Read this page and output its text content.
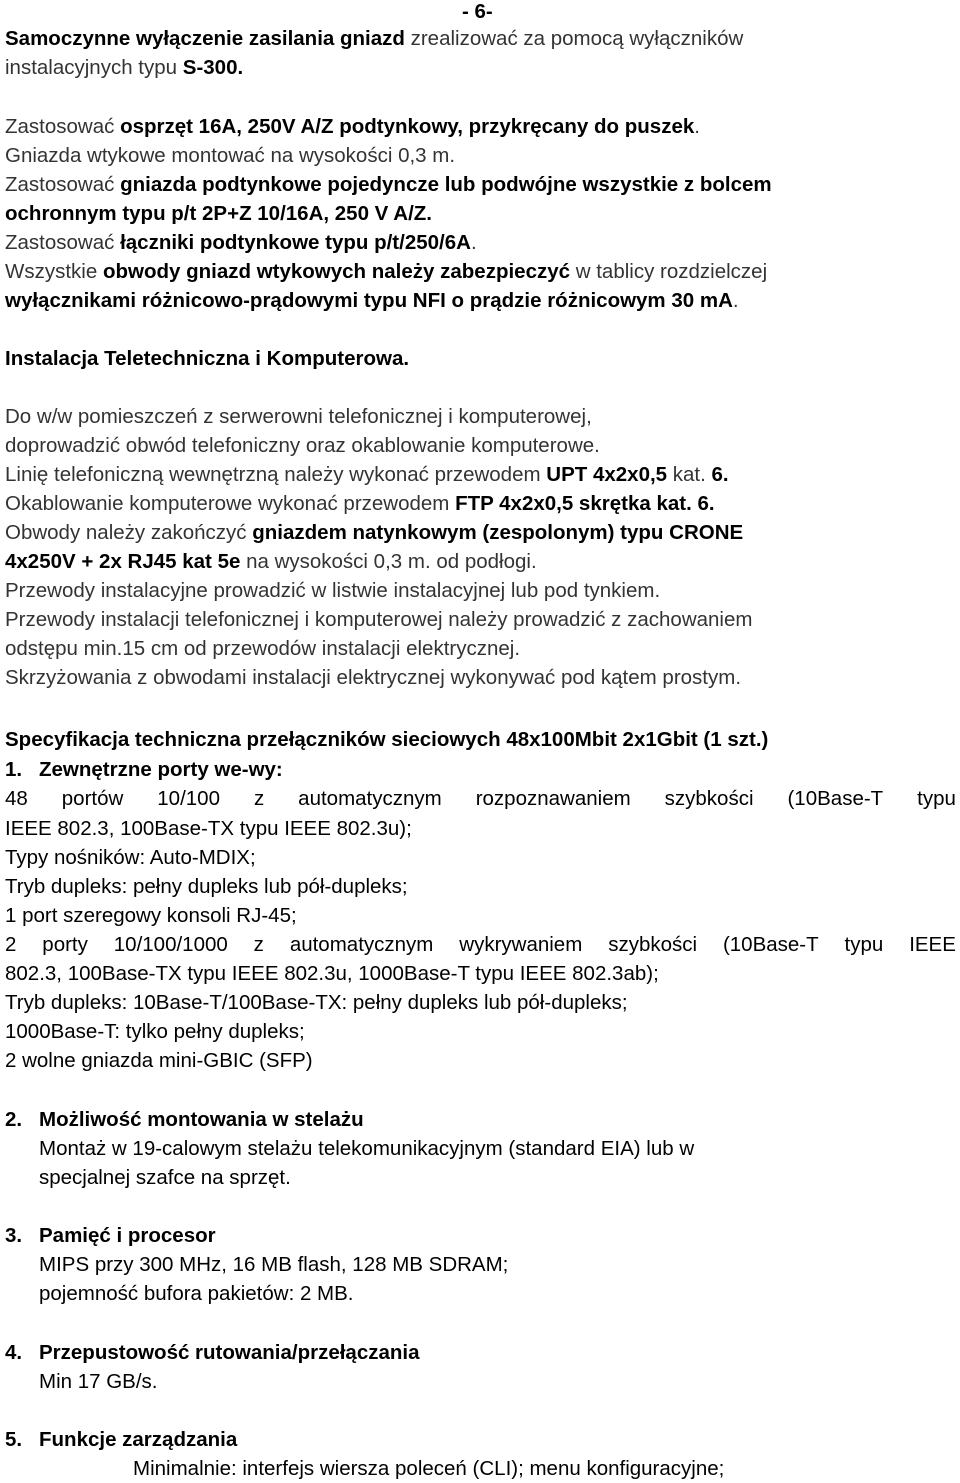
- 6-
Samoczynne wyłączenie zasilania gniazd zrealizować za pomocą wyłączników
instalacyjnych typu S-300.
Zastosować osprzęt 16A, 250V A/Z podtynkowy, przykręcany do puszek.
Gniazda wtykowe montować na wysokości 0,3 m.
Zastosować gniazda podtynkowe pojedyncze lub podwójne wszystkie z bolcem
ochronnym typu p/t 2P+Z 10/16A, 250 V A/Z.
Zastosować łączniki podtynkowe typu p/t/250/6A.
Wszystkie obwody gniazd wtykowych należy zabezpieczyć w tablicy rozdzielczej
wyłącznikami różnicowo-prądowymi typu NFI o prądzie różnicowym 30 mA.
Instalacja Teletechniczna i Komputerowa.
Do w/w pomieszczeń z serwerowni telefonicznej i komputerowej,
doprowadzić obwód telefoniczny oraz okablowanie komputerowe.
Linię telefoniczną wewnętrzną należy wykonać przewodem UPT 4x2x0,5 kat. 6.
Okablowanie komputerowe wykonać przewodem FTP 4x2x0,5 skrętka kat. 6.
Obwody należy zakończyć gniazdem natynkowym (zespolonym) typu CRONE
4x250V + 2x RJ45 kat 5e na wysokości 0,3 m. od podłogi.
Przewody instalacyjne prowadzić w listwie instalacyjnej lub pod tynkiem.
Przewody instalacji telefonicznej i komputerowej należy prowadzić z zachowaniem
odstępu min.15 cm od przewodów instalacji elektrycznej.
Skrzyżowania z obwodami instalacji elektrycznej wykonywać pod kątem prostym.
Specyfikacja techniczna przełączników sieciowych 48x100Mbit 2x1Gbit (1 szt.)
1. Zewnętrzne porty we-wy:
48 portów 10/100 z automatycznym rozpoznawaniem szybkości (10Base-T typu
IEEE 802.3, 100Base-TX typu IEEE 802.3u);
Typy nośników: Auto-MDIX;
Tryb dupleks: pełny dupleks lub pół-dupleks;
1 port szeregowy konsoli RJ-45;
2 porty 10/100/1000 z automatycznym wykrywaniem szybkości (10Base-T typu IEEE
802.3, 100Base-TX typu IEEE 802.3u, 1000Base-T typu IEEE 802.3ab);
Tryb dupleks: 10Base-T/100Base-TX: pełny dupleks lub pół-dupleks;
1000Base-T: tylko pełny dupleks;
2 wolne gniazda mini-GBIC (SFP)
2. Możliwość montowania w stelażu
Montaż w 19-calowym stelażu telekomunikacyjnym (standard EIA) lub w
specjalnej szafce na sprzęt.
3. Pamięć i procesor
MIPS przy 300 MHz, 16 MB flash, 128 MB SDRAM;
pojemność bufora pakietów: 2 MB.
4. Przepustowość rutowania/przełączania
Min 17 GB/s.
5. Funkcje zarządzania
Minimalnie: interfejs wiersza poleceń (CLI); menu konfiguracyjne;
